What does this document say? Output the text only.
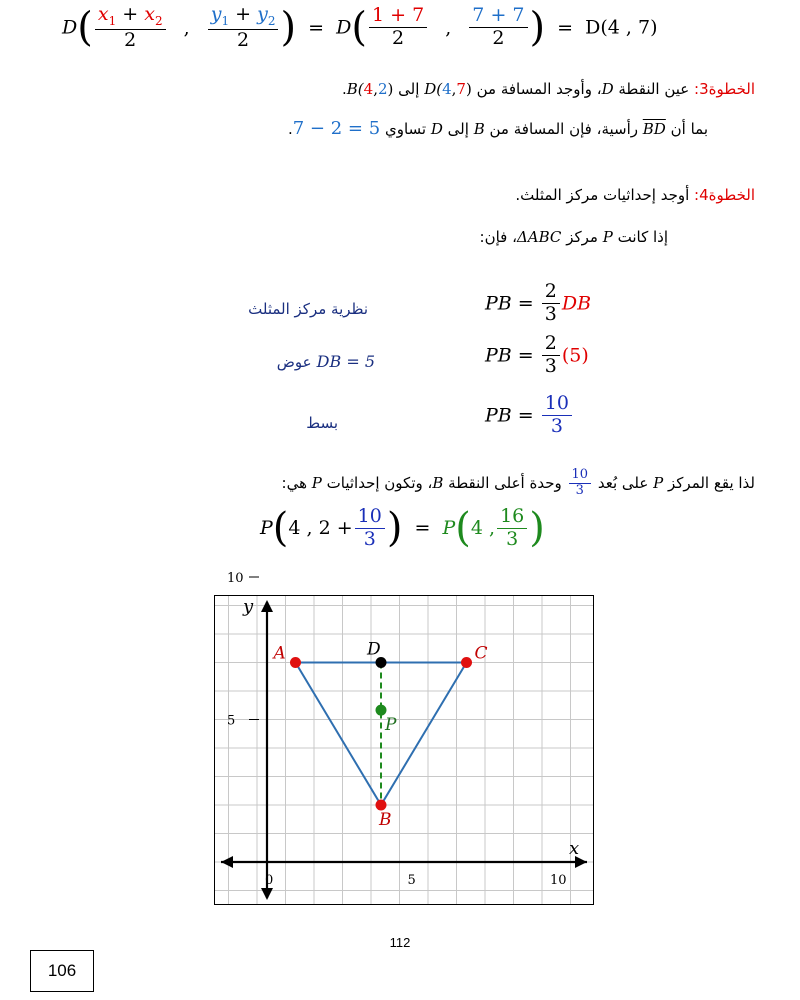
$D( \frac{x_1 + x_2}{2}$ , $\frac{y_1 + y_2}{2}$ ) = $D( \frac{1 + 7}{2}$ , $\frac{7 + 7}{2}$ ) = D(4 , 7)
الخطوة3: عين النقطة D، وأوجد المسافة من D(4,7) إلى B(4,2).
بما أن BD رأسية، فإن المسافة من B إلى D تساوي 7 − 2 = 5.
الخطوة4: أوجد إحداثيات مركز المثلث.
إذا كانت P مركز ΔABC، فإن:
نظرية مركز المثلث	PB = $\frac{2}{3}$ DB
عوض DB = 5	PB = $\frac{2}{3} (5)$
بسط	PB = $\frac{10}{3}$
لذا يقع المركز P على بُعد
$\frac{10}{3}$
وحدة أعلى النقطة B، وتكون إحداثيات P هي:
P(4 , $2 + \frac{10}{3}$ ) = P(4 , $\frac{16}{3}$ )
x
y
0	5	10
5
10
A	C
B
D
P
112
106
